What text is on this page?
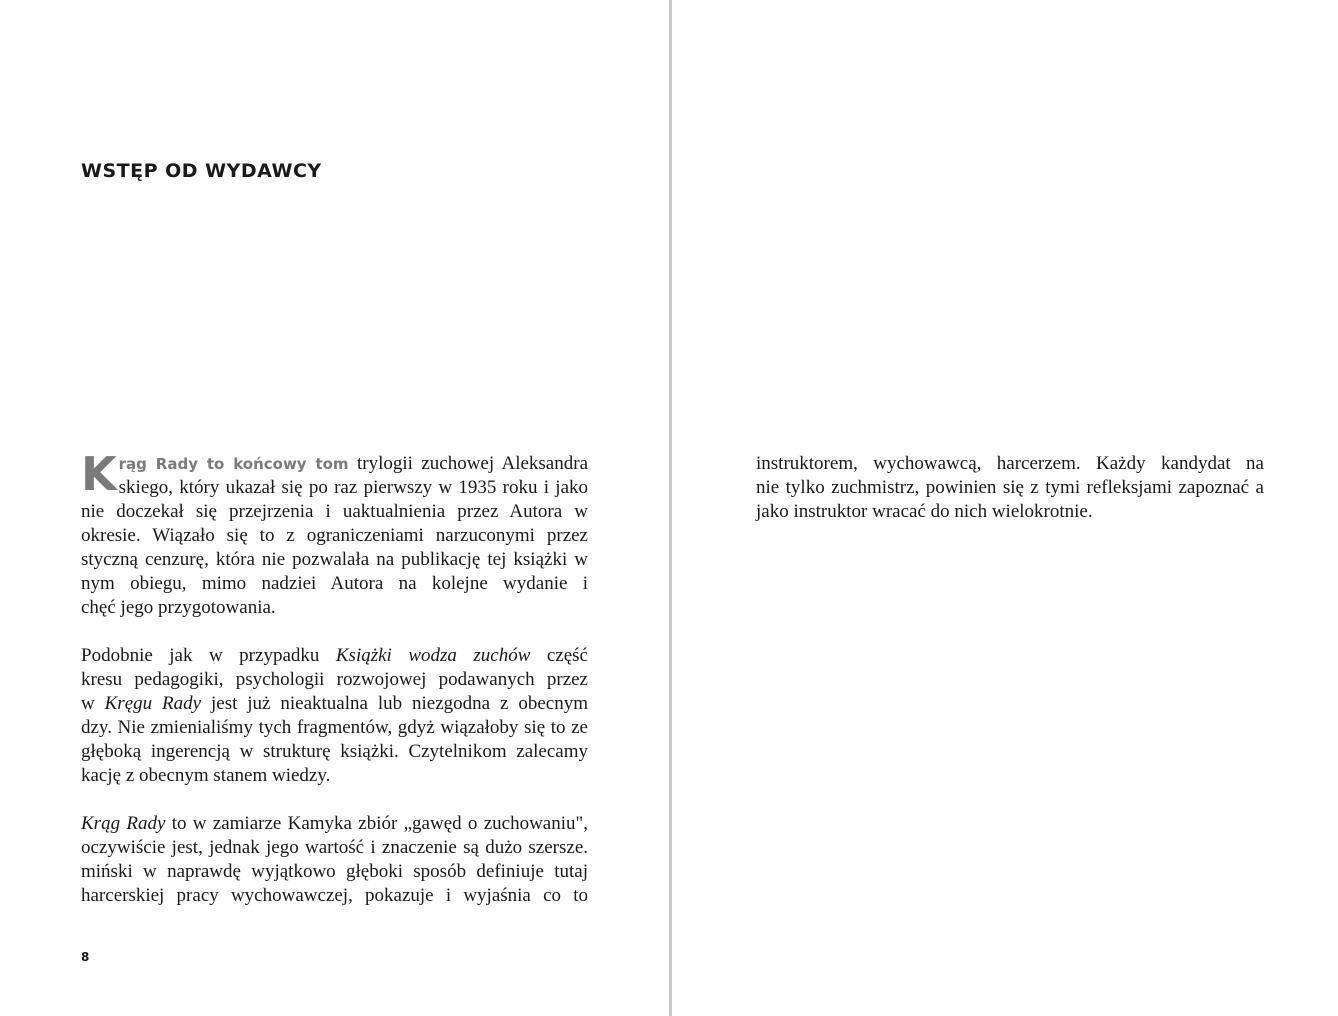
WSTĘP OD WYDAWCY
K rąg Rady to końcowy tom trylogii zuchowej Aleksandra
skiego, który ukazał się po raz pierwszy w 1935 roku i jako
nie doczekał się przejrzenia i uaktualnienia przez Autora w
okresie. Wiązało się to z ograniczeniami narzuconymi przez
styczną cenzurę, która nie pozwalała na publikację tej książki w
nym obiegu, mimo nadziei Autora na kolejne wydanie i
chęć jego przygotowania.
Podobnie jak w przypadku Książki wodza zuchów część
kresu pedagogiki, psychologii rozwojowej podawanych przez
w Kręgu Rady jest już nieaktualna lub niezgodna z obecnym
dzy. Nie zmienialiśmy tych fragmentów, gdyż wiązałoby się to ze
głęboką ingerencją w strukturę książki. Czytelnikom zalecamy
kację z obecnym stanem wiedzy.
Krąg Rady to w zamiarze Kamyka zbiór „gawęd o zuchowaniu",
oczywiście jest, jednak jego wartość i znaczenie są dużo szersze.
miński w naprawdę wyjątkowo głęboki sposób definiuje tutaj
harcerskiej pracy wychowawczej, pokazuje i wyjaśnia co to
8
instruktorem, wychowawcą, harcerzem. Każdy kandydat na
nie tylko zuchmistrz, powinien się z tymi refleksjami zapoznać a
jako instruktor wracać do nich wielokrotnie.
